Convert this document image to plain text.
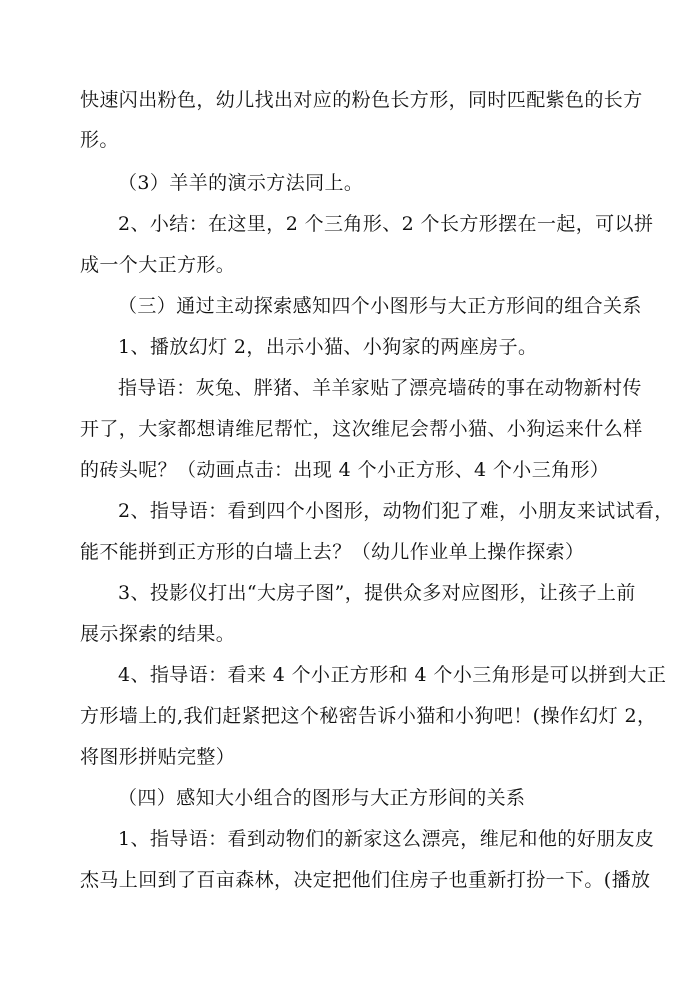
快速闪出粉色，幼儿找出对应的粉色长方形，同时匹配紫色的长方
形。
（3）羊羊的演示方法同上。
2、小结：在这里，2 个三角形、2 个长方形摆在一起，可以拼
成一个大正方形。
（三）通过主动探索感知四个小图形与大正方形间的组合关系
1、播放幻灯 2，出示小猫、小狗家的两座房子。
指导语：灰兔、胖猪、羊羊家贴了漂亮墙砖的事在动物新村传
开了，大家都想请维尼帮忙，这次维尼会帮小猫、小狗运来什么样
的砖头呢？（动画点击：出现 4 个小正方形、4 个小三角形）
2、指导语：看到四个小图形，动物们犯了难，小朋友来试试看，
能不能拼到正方形的白墙上去？（幼儿作业单上操作探索）
3、投影仪打出“大房子图”，提供众多对应图形，让孩子上前
展示探索的结果。
4、指导语：看来 4 个小正方形和 4 个小三角形是可以拼到大正
方形墙上的,我们赶紧把这个秘密告诉小猫和小狗吧！(操作幻灯 2，
将图形拼贴完整）
（四）感知大小组合的图形与大正方形间的关系
1、指导语：看到动物们的新家这么漂亮，维尼和他的好朋友皮
杰马上回到了百亩森林，决定把他们住房子也重新打扮一下。(播放
